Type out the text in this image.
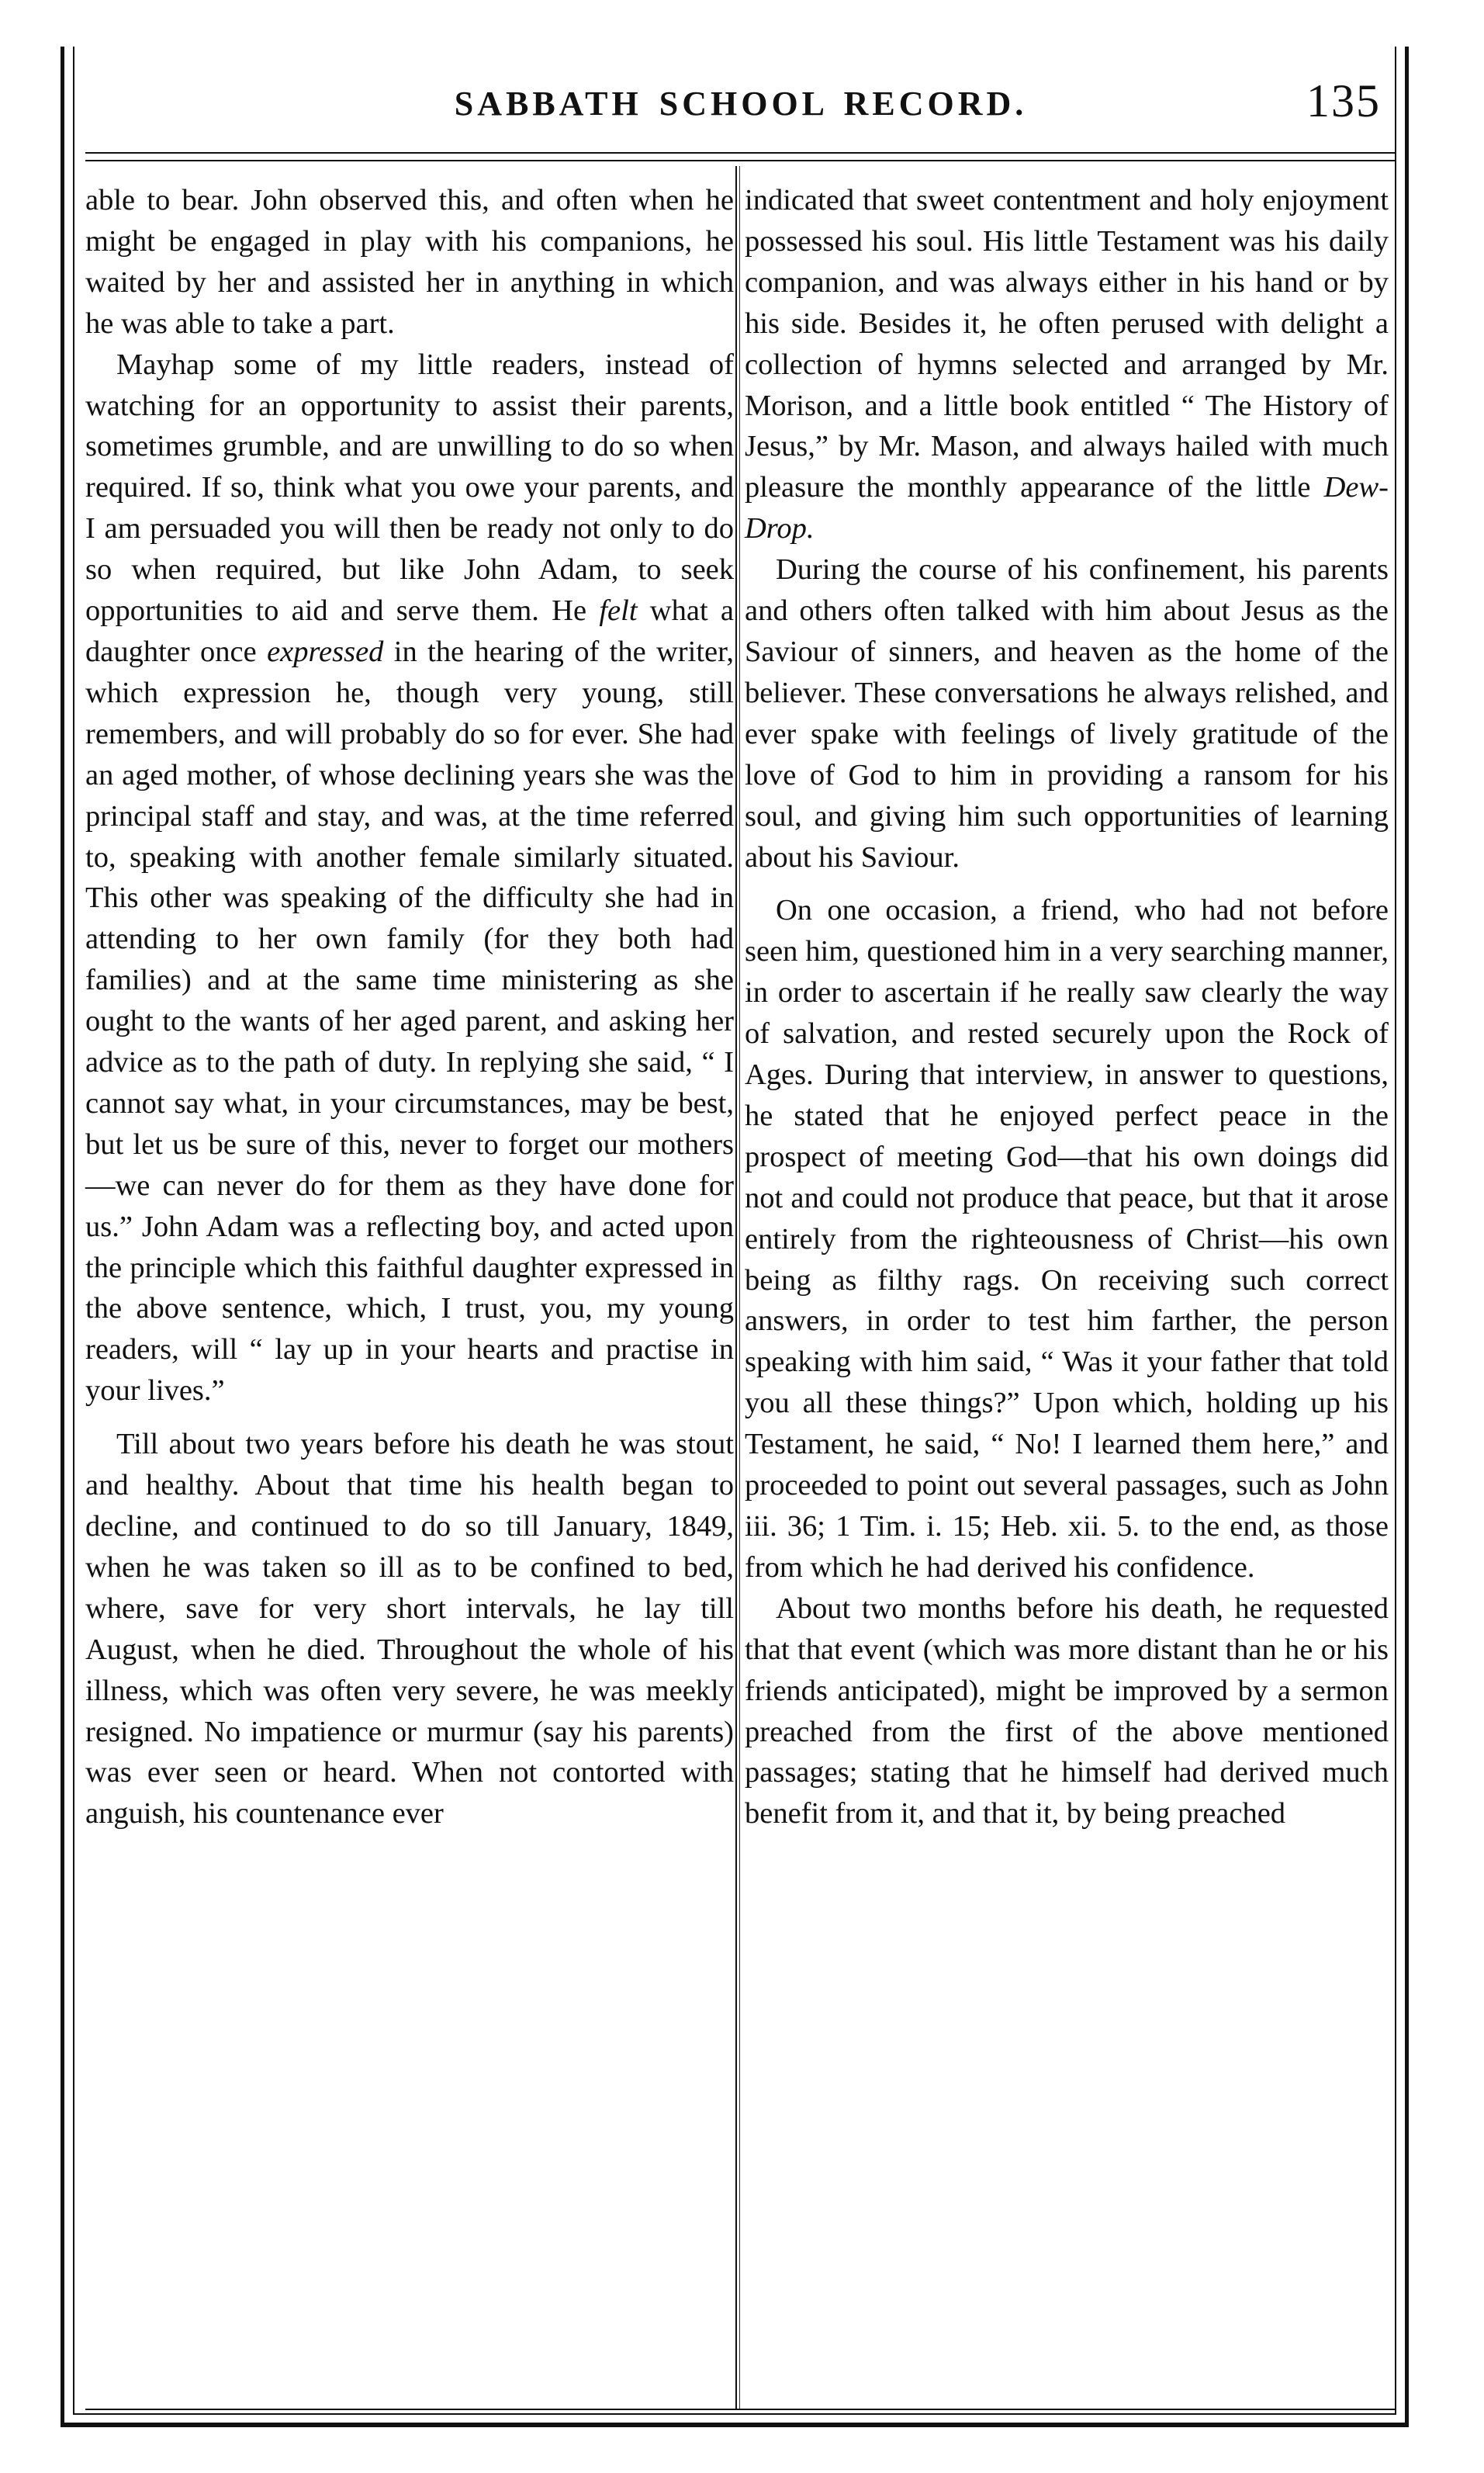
SABBATH SCHOOL RECORD.	135

able to bear. John observed this, and often when he might be engaged in play with his companions, he waited by her and assisted her in anything in which he was able to take a part.

Mayhap some of my little readers, instead of watching for an opportunity to assist their parents, sometimes grumble, and are unwilling to do so when required. If so, think what you owe your parents, and I am persuaded you will then be ready not only to do so when required, but like John Adam, to seek opportunities to aid and serve them. He felt what a daughter once expressed in the hearing of the writer, which expression he, though very young, still remembers, and will probably do so for ever. She had an aged mother, of whose declining years she was the principal staff and stay, and was, at the time referred to, speaking with another female similarly situated. This other was speaking of the difficulty she had in attending to her own family (for they both had families) and at the same time ministering as she ought to the wants of her aged parent, and asking her advice as to the path of duty. In replying she said, “ I cannot say what, in your circumstances, may be best, but let us be sure of this, never to forget our mothers—we can never do for them as they have done for us.” John Adam was a reflecting boy, and acted upon the principle which this faithful daughter expressed in the above sentence, which, I trust, you, my young readers, will “ lay up in your hearts and practise in your lives.”

Till about two years before his death he was stout and healthy. About that time his health began to decline, and continued to do so till January, 1849, when he was taken so ill as to be confined to bed, where, save for very short intervals, he lay till August, when he died. Throughout the whole of his illness, which was often very severe, he was meekly resigned. No impatience or murmur (say his parents) was ever seen or heard. When not contorted with anguish, his countenance ever

indicated that sweet contentment and holy enjoyment possessed his soul. His little Testament was his daily companion, and was always either in his hand or by his side. Besides it, he often perused with delight a collection of hymns selected and arranged by Mr. Morison, and a little book entitled “ The History of Jesus,” by Mr. Mason, and always hailed with much pleasure the monthly appearance of the little Dew-Drop.

During the course of his confinement, his parents and others often talked with him about Jesus as the Saviour of sinners, and heaven as the home of the believer. These conversations he always relished, and ever spake with feelings of lively gratitude of the love of God to him in providing a ransom for his soul, and giving him such opportunities of learning about his Saviour.

On one occasion, a friend, who had not before seen him, questioned him in a very searching manner, in order to ascertain if he really saw clearly the way of salvation, and rested securely upon the Rock of Ages. During that interview, in answer to questions, he stated that he enjoyed perfect peace in the prospect of meeting God—that his own doings did not and could not produce that peace, but that it arose entirely from the righteousness of Christ—his own being as filthy rags. On receiving such correct answers, in order to test him farther, the person speaking with him said, “ Was it your father that told you all these things?” Upon which, holding up his Testament, he said, “ No! I learned them here,” and proceeded to point out several passages, such as John iii. 36; 1 Tim. i. 15; Heb. xii. 5. to the end, as those from which he had derived his confidence.

About two months before his death, he requested that that event (which was more distant than he or his friends anticipated), might be improved by a sermon preached from the first of the above mentioned passages; stating that he himself had derived much benefit from it, and that it, by being preached
